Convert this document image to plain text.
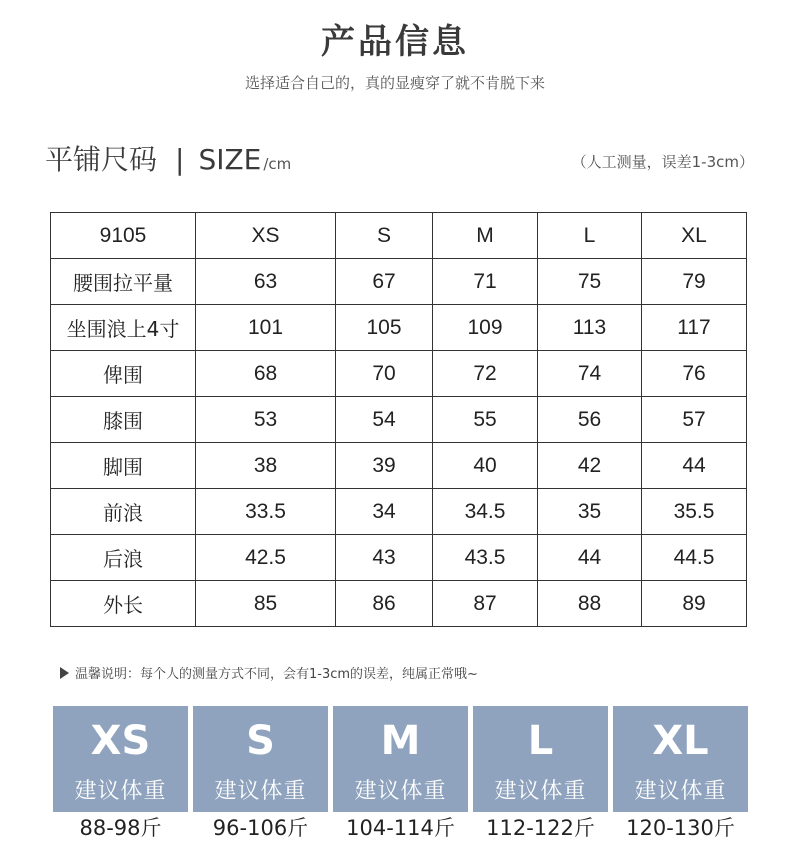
产品信息
选择适合自己的，真的显瘦穿了就不肯脱下来
平铺尺码 | SIZE /cm	（人工测量，误差1-3cm）
9105	XS	S	M	L	XL
腰围拉平量	63	67	71	75	79
坐围浪上4寸	101	105	109	113	117
俾围	68	70	72	74	76
膝围	53	54	55	56	57
脚围	38	39	40	42	44
前浪	33.5	34	34.5	35	35.5
后浪	42.5	43	43.5	44	44.5
外长	85	86	87	88	89
温馨说明：每个人的测量方式不同，会有1-3cm的误差，纯属正常哦~
XS
建议体重
88-98斤
S
建议体重
96-106斤
M
建议体重
104-114斤
L
建议体重
112-122斤
XL
建议体重
120-130斤
